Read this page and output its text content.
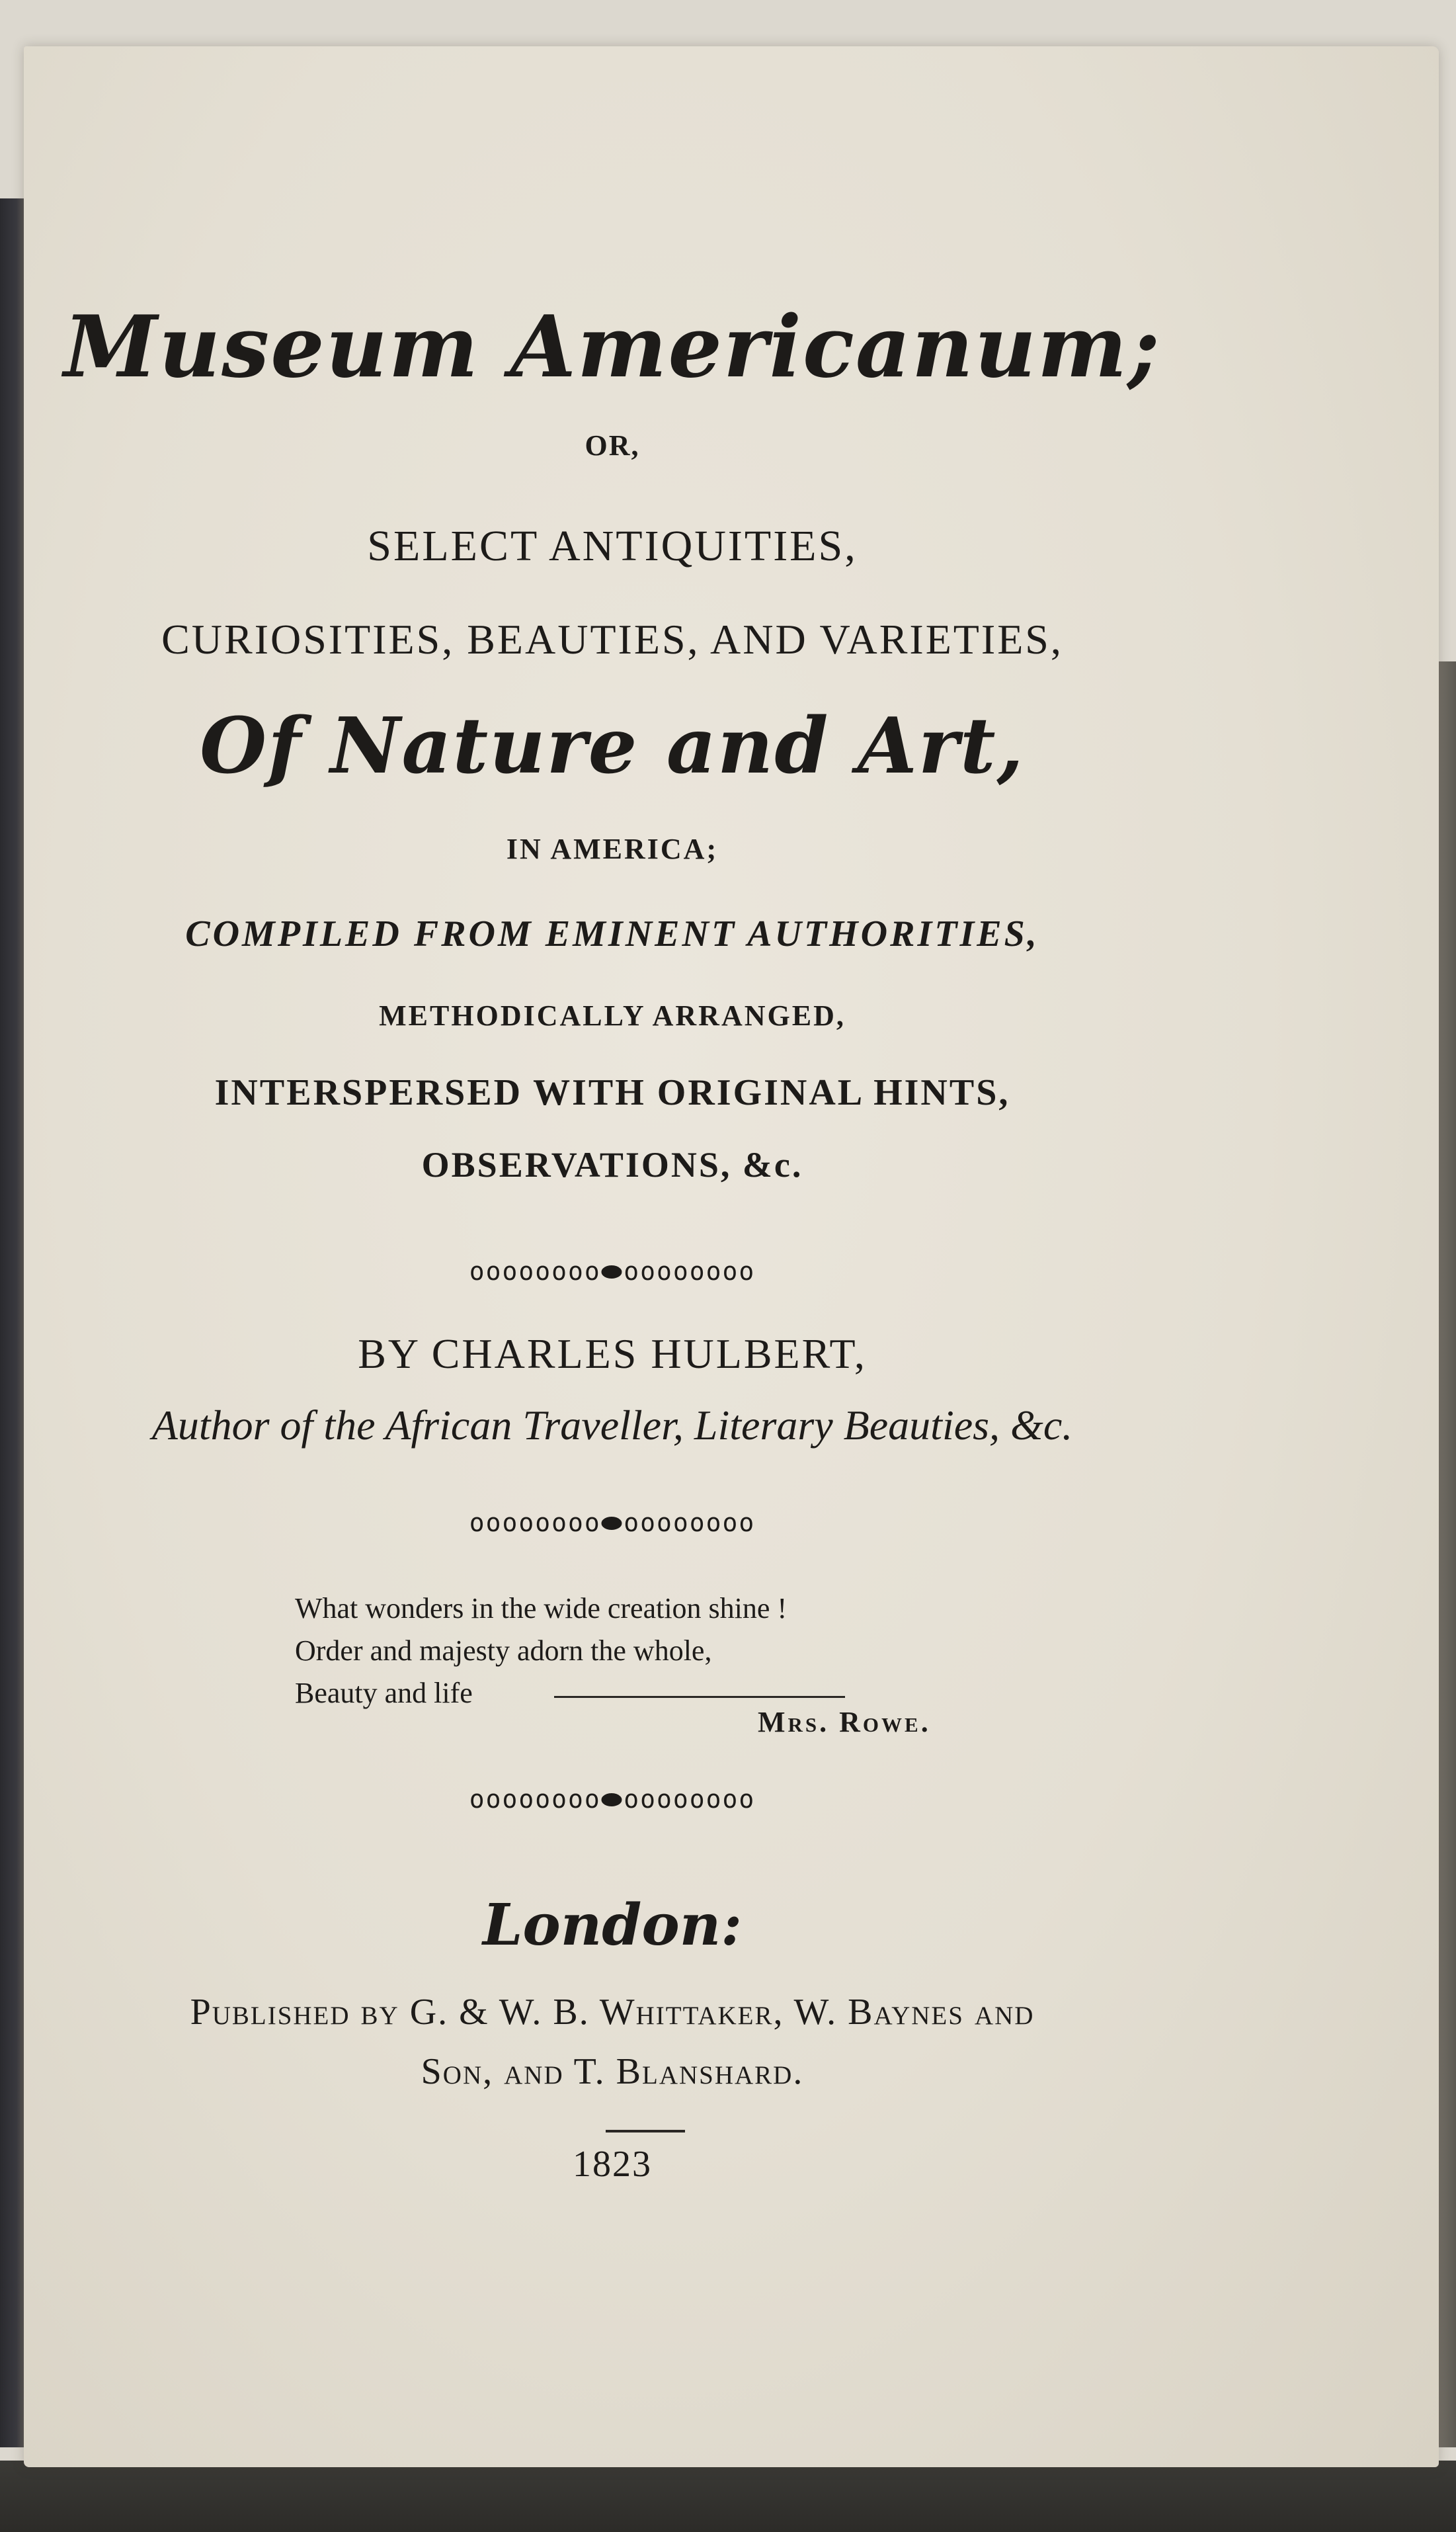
Museum Americanum;
OR,
SELECT ANTIQUITIES,
CURIOSITIES, BEAUTIES, AND VARIETIES,
Of Nature and Art,
IN AMERICA;
COMPILED FROM EMINENT AUTHORITIES,
METHODICALLY ARRANGED,
INTERSPERSED WITH ORIGINAL HINTS,
OBSERVATIONS, &c.
oooooooo⬬oooooooo
BY CHARLES HULBERT,
Author of the African Traveller, Literary Beauties, &c.
oooooooo⬬oooooooo
What wonders in the wide creation shine !
Order and majesty adorn the whole,
Beauty and life
Mrs. Rowe.
oooooooo⬬oooooooo
London:
Published by G. & W. B. Whittaker, W. Baynes and
Son, and T. Blanshard.
1823
